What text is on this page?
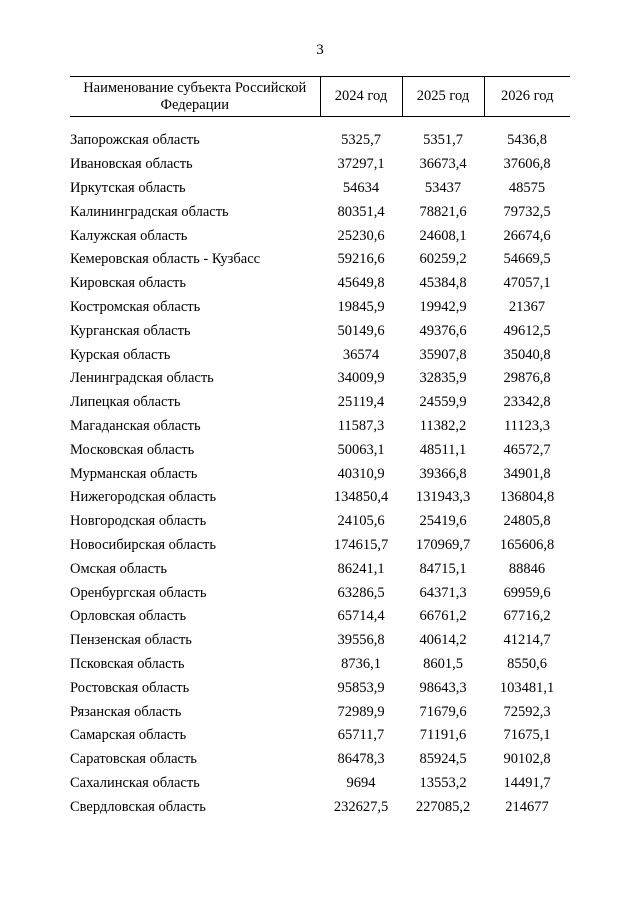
3
Наименование субъекта Российской Федерации	2024 год	2025 год	2026 год

Запорожская область	5325,7	5351,7	5436,8
Ивановская область	37297,1	36673,4	37606,8
Иркутская область	54634	53437	48575
Калининградская область	80351,4	78821,6	79732,5
Калужская область	25230,6	24608,1	26674,6
Кемеровская область - Кузбасс	59216,6	60259,2	54669,5
Кировская область	45649,8	45384,8	47057,1
Костромская область	19845,9	19942,9	21367
Курганская область	50149,6	49376,6	49612,5
Курская область	36574	35907,8	35040,8
Ленинградская область	34009,9	32835,9	29876,8
Липецкая область	25119,4	24559,9	23342,8
Магаданская область	11587,3	11382,2	11123,3
Московская область	50063,1	48511,1	46572,7
Мурманская область	40310,9	39366,8	34901,8
Нижегородская область	134850,4	131943,3	136804,8
Новгородская область	24105,6	25419,6	24805,8
Новосибирская область	174615,7	170969,7	165606,8
Омская область	86241,1	84715,1	88846
Оренбургская область	63286,5	64371,3	69959,6
Орловская область	65714,4	66761,2	67716,2
Пензенская область	39556,8	40614,2	41214,7
Псковская область	8736,1	8601,5	8550,6
Ростовская область	95853,9	98643,3	103481,1
Рязанская область	72989,9	71679,6	72592,3
Самарская область	65711,7	71191,6	71675,1
Саратовская область	86478,3	85924,5	90102,8
Сахалинская область	9694	13553,2	14491,7
Свердловская область	232627,5	227085,2	214677
